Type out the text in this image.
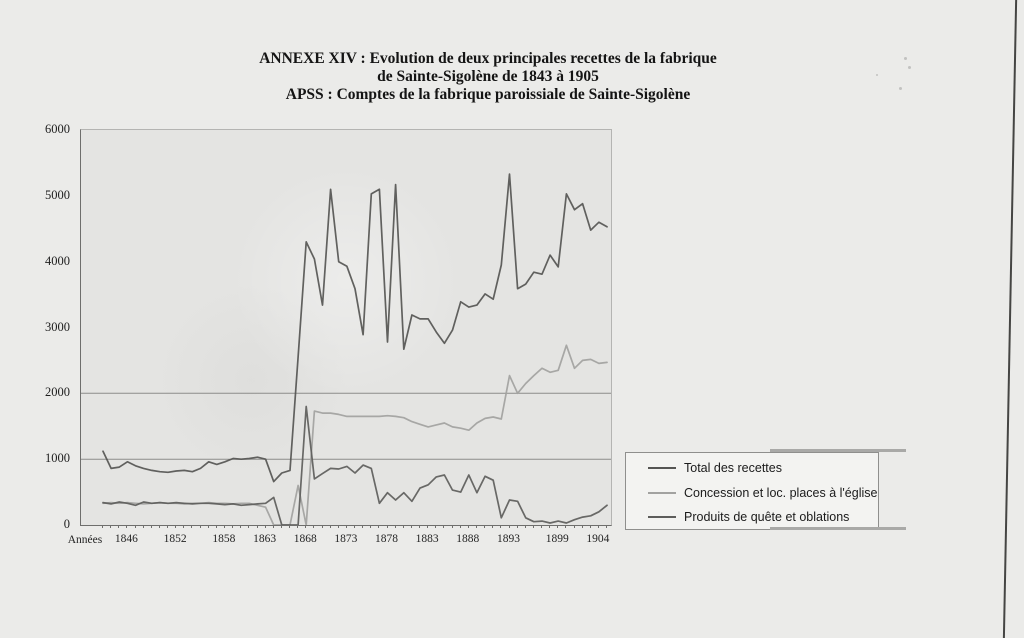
ANNEXE XIV : Evolution de deux principales recettes de la fabrique
de Sainte-Sigolène de 1843 à 1905
APSS : Comptes de la fabrique paroissiale de Sainte-Sigolène
0
1000
2000
3000
4000
5000
6000
1846	1852	1858	1863	1868	1873	1878	1883	1888	1893	1899	1904
Années
Total des recettes
Concession et loc. places à l'église
Produits de quête et oblations
